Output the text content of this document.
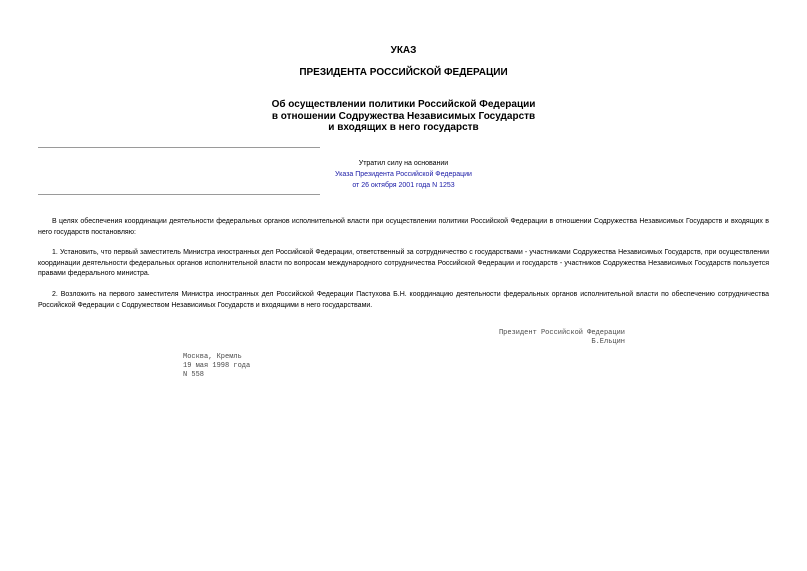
УКАЗ
ПРЕЗИДЕНТА РОССИЙСКОЙ ФЕДЕРАЦИИ
Об осуществлении политики Российской Федерации
в отношении Содружества Независимых Государств
и входящих в него государств
Утратил силу на основании
Указа Президента Российской Федерации
от 26 октября 2001 года N 1253
В целях обеспечения координации деятельности федеральных органов исполнительной власти при осуществлении политики Российской Федерации в отношении Содружества Независимых Государств и входящих в него государств постановляю:
1. Установить, что первый заместитель Министра иностранных дел Российской Федерации, ответственный за сотрудничество с государствами - участниками Содружества Независимых Государств, при осуществлении координации деятельности федеральных органов исполнительной власти по вопросам международного сотрудничества Российской Федерации и государств - участников Содружества Независимых Государств пользуется правами федерального министра.
2. Возложить на первого заместителя Министра иностранных дел Российской Федерации Пастухова Б.Н. координацию деятельности федеральных органов исполнительной власти по обеспечению сотрудничества Российской Федерации с Содружеством Независимых Государств и входящими в него государствами.
Президент Российской Федерации
Б.Ельцин
Москва, Кремль
19 мая 1998 года
N 558
